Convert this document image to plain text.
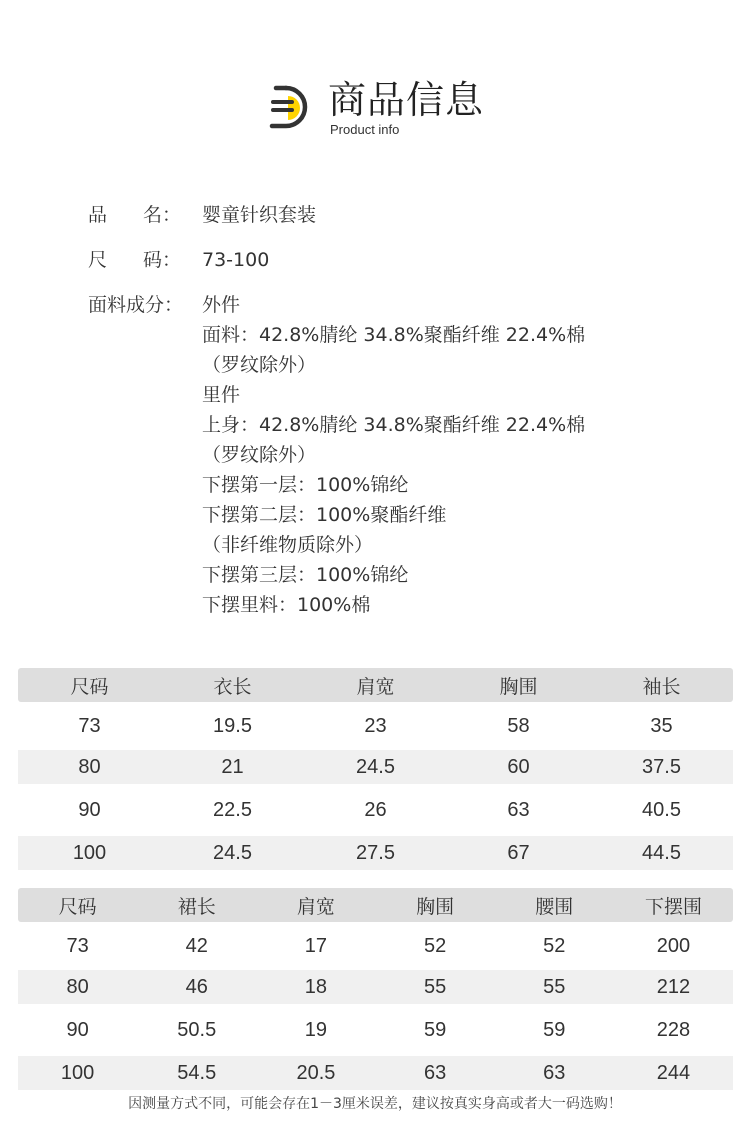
商品信息
Product info
品 名：	婴童针织套装
尺 码：	73-100
面料成分： 外件
面料：42.8%腈纶 34.8%聚酯纤维 22.4%棉
（罗纹除外）
里件
上身：42.8%腈纶 34.8%聚酯纤维 22.4%棉
（罗纹除外）
下摆第一层：100%锦纶
下摆第二层：100%聚酯纤维
（非纤维物质除外）
下摆第三层：100%锦纶
下摆里料：100%棉
尺码	衣长	肩宽	胸围	袖长
73	19.5	23	58	35
80	21	24.5	60	37.5
90	22.5	26	63	40.5
100	24.5	27.5	67	44.5
尺码	裙长	肩宽	胸围	腰围	下摆围
73	42	17	52	52	200
80	46	18	55	55	212
90	50.5	19	59	59	228
100	54.5	20.5	63	63	244
因测量方式不同，可能会存在1－3厘米误差，建议按真实身高或者大一码选购！
